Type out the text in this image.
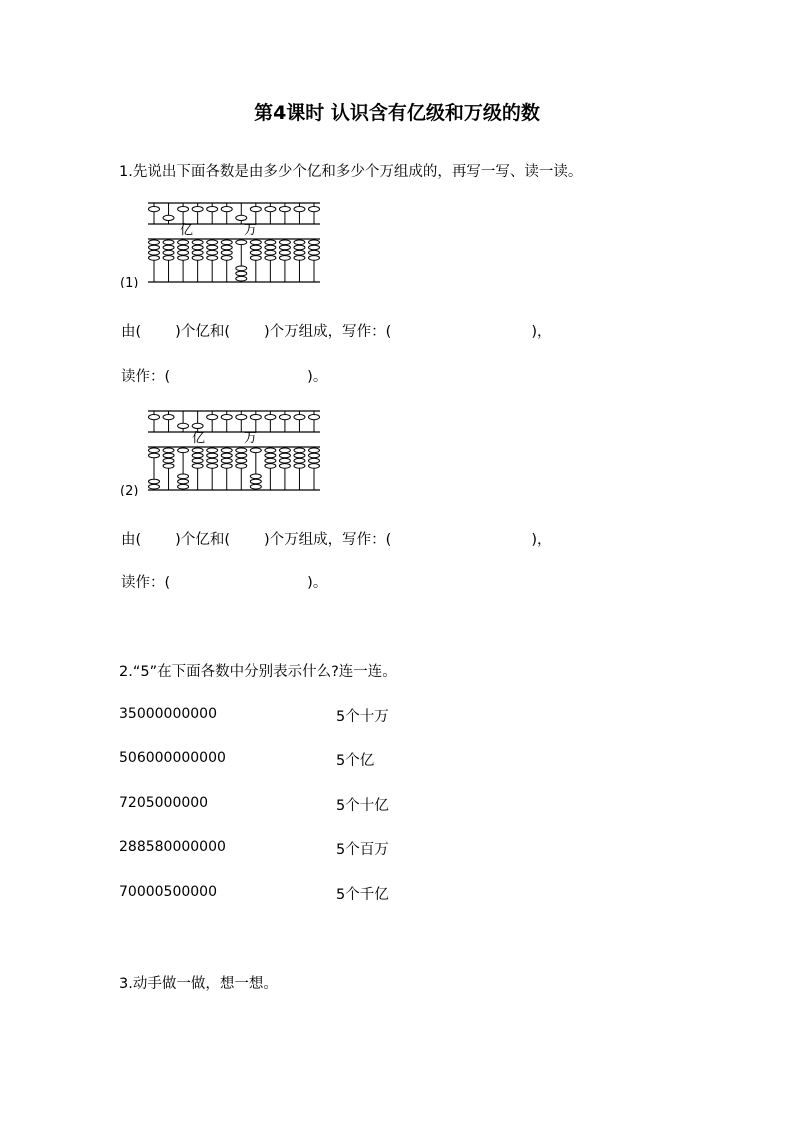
第4课时 认识含有亿级和万级的数
1.先说出下面各数是由多少个亿和多少个万组成的，再写一写、读一读。
(1)
亿	万
由( )个亿和( )个万组成，写作：(	)，
读作：(	)。
(2)
亿	万
由( )个亿和( )个万组成，写作：(	)，
读作：(	)。
2.“5”在下面各数中分别表示什么?连一连。
35000000000
506000000000
7205000000
288580000000
70000500000
5个十万
5个亿
5个十亿
5个百万
5个千亿
3.动手做一做，想一想。
